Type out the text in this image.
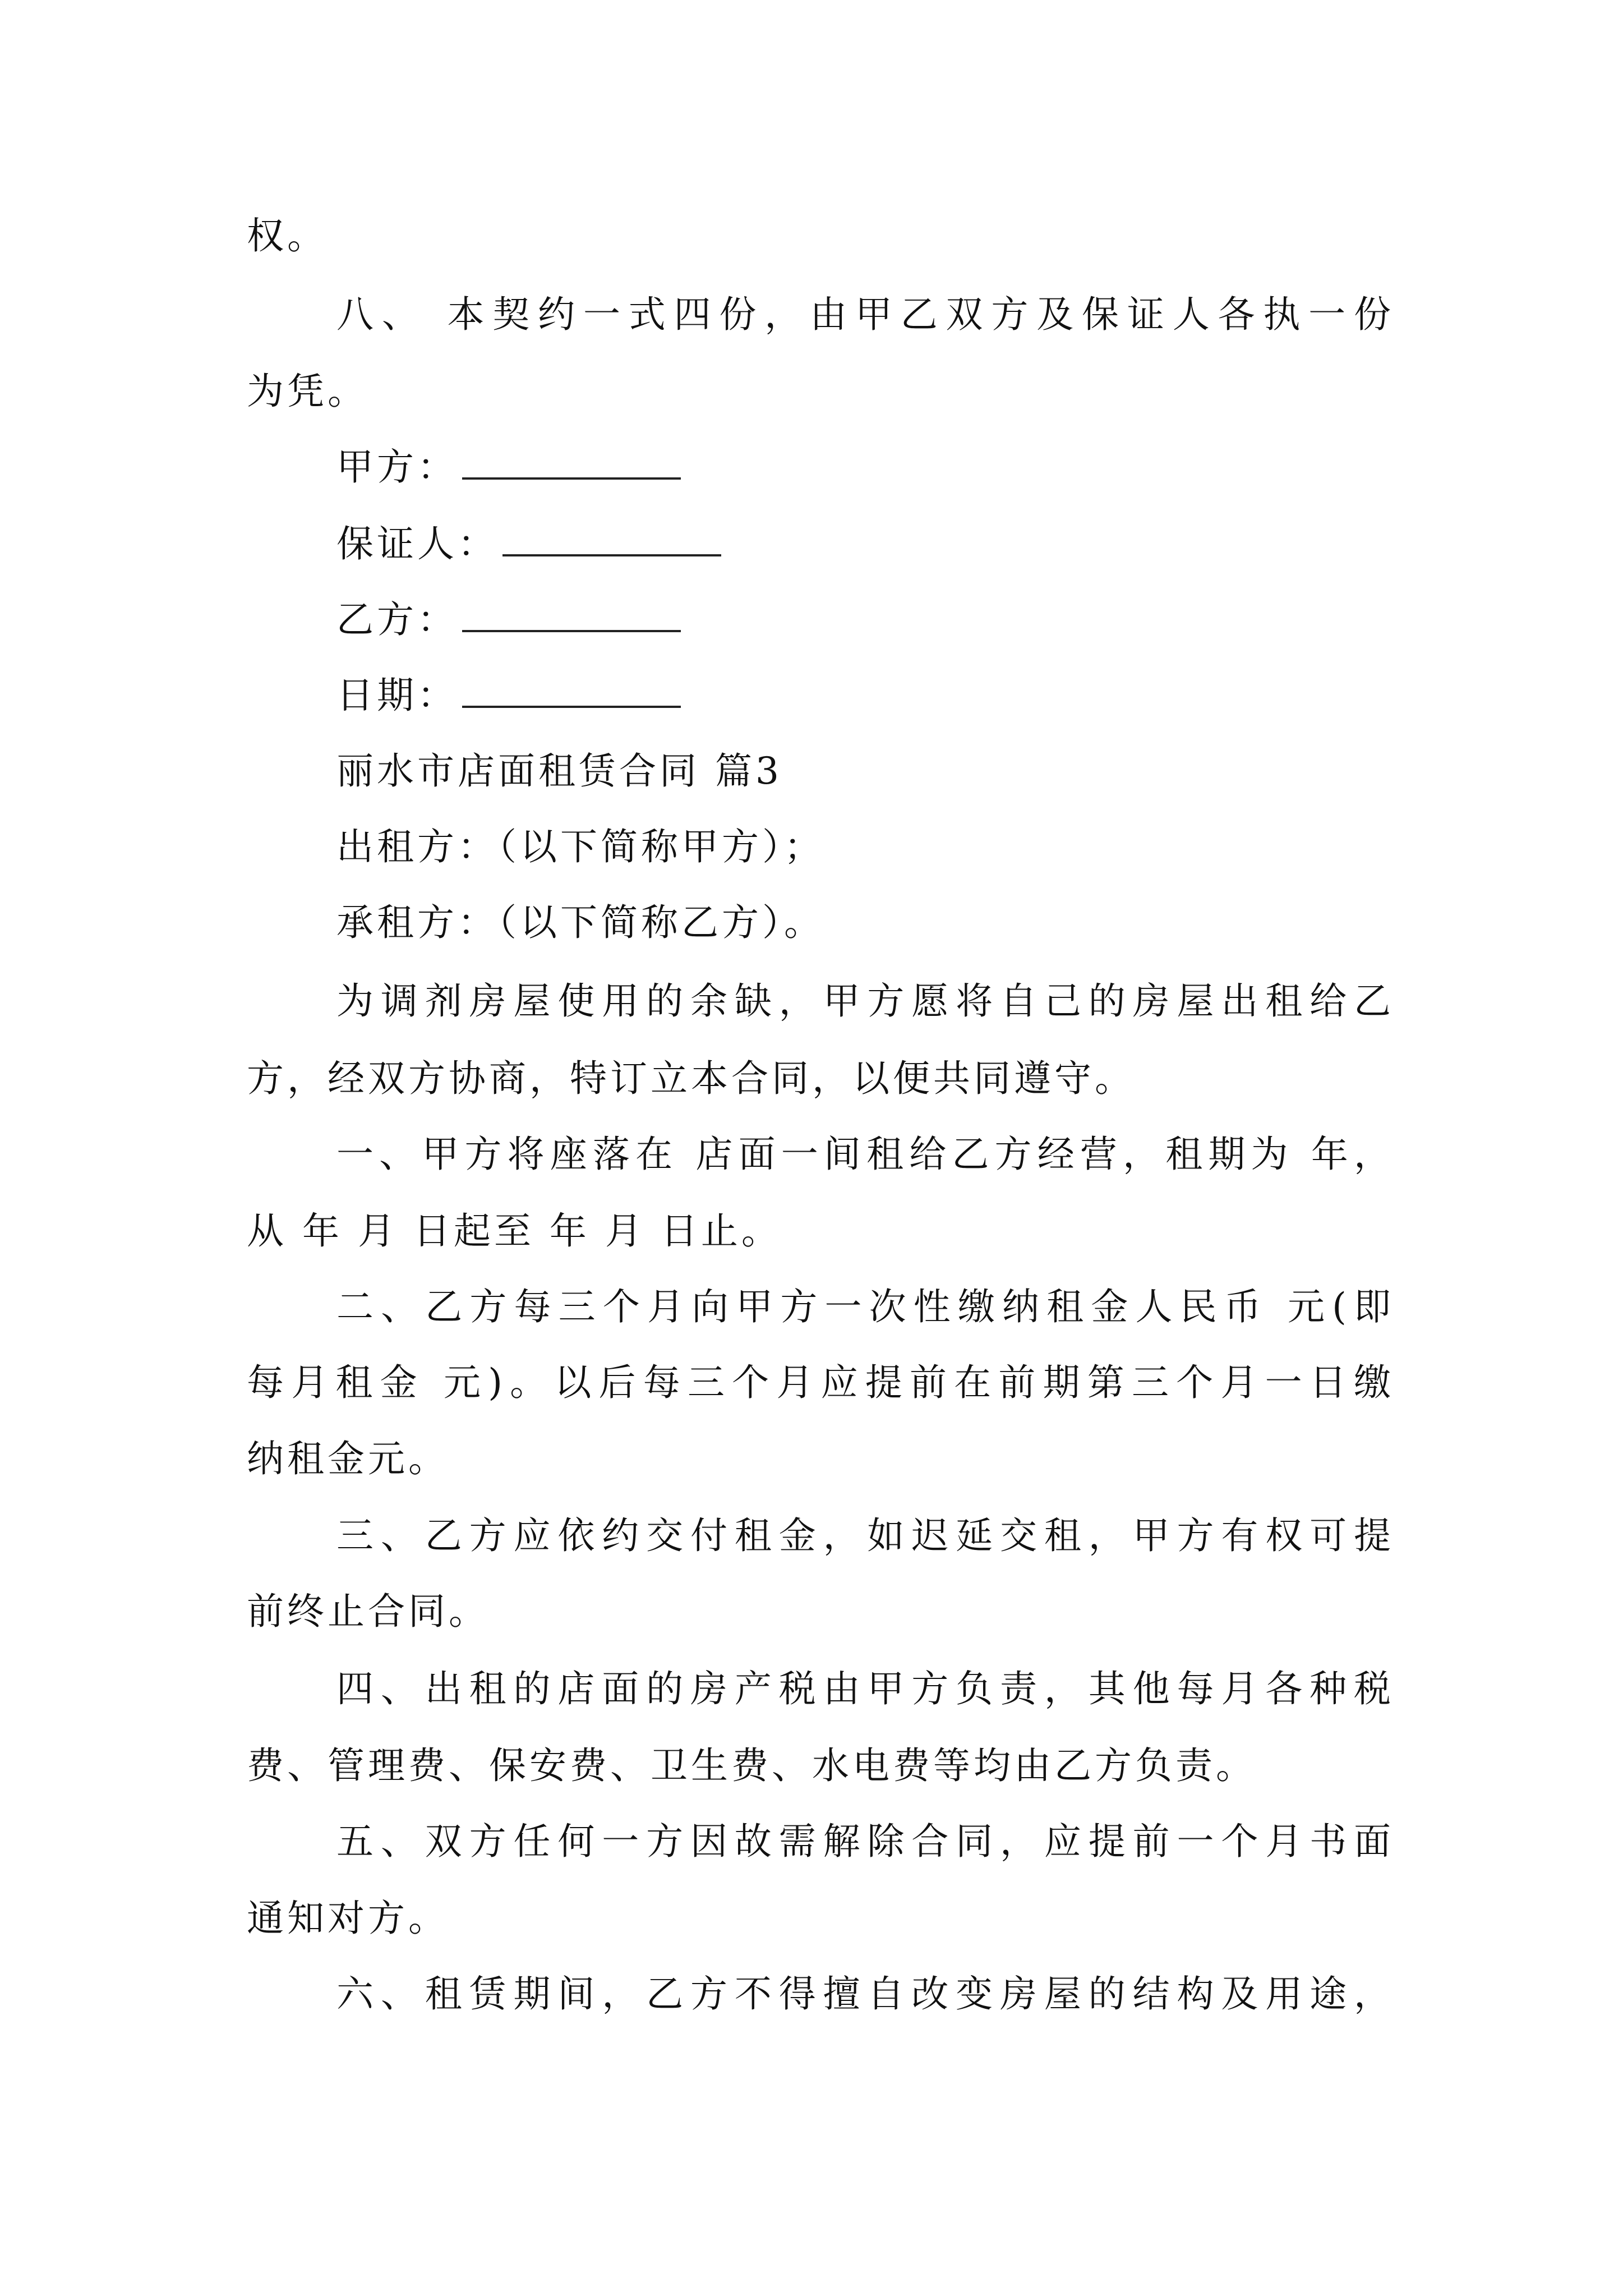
权。
八、 本契约一式四份，由甲乙双方及保证人各执一份
为凭。
甲方：
保证人：
乙方：
日期：
丽水市店面租赁合同 篇3
出租方：（以下简称甲方）；
承租方：（以下简称乙方）。
为调剂房屋使用的余缺，甲方愿将自己的房屋出租给乙
方，经双方协商，特订立本合同，以便共同遵守。
一、甲方将座落在 店面一间租给乙方经营，租期为 年，
从 年 月 日起至 年 月 日止。
二、乙方每三个月向甲方一次性缴纳租金人民币 元(即
每月租金 元)。以后每三个月应提前在前期第三个月一日缴
纳租金元。
三、乙方应依约交付租金，如迟延交租，甲方有权可提
前终止合同。
四、出租的店面的房产税由甲方负责，其他每月各种税
费、管理费、保安费、卫生费、水电费等均由乙方负责。
五、双方任何一方因故需解除合同，应提前一个月书面
通知对方。
六、租赁期间，乙方不得擅自改变房屋的结构及用途，
